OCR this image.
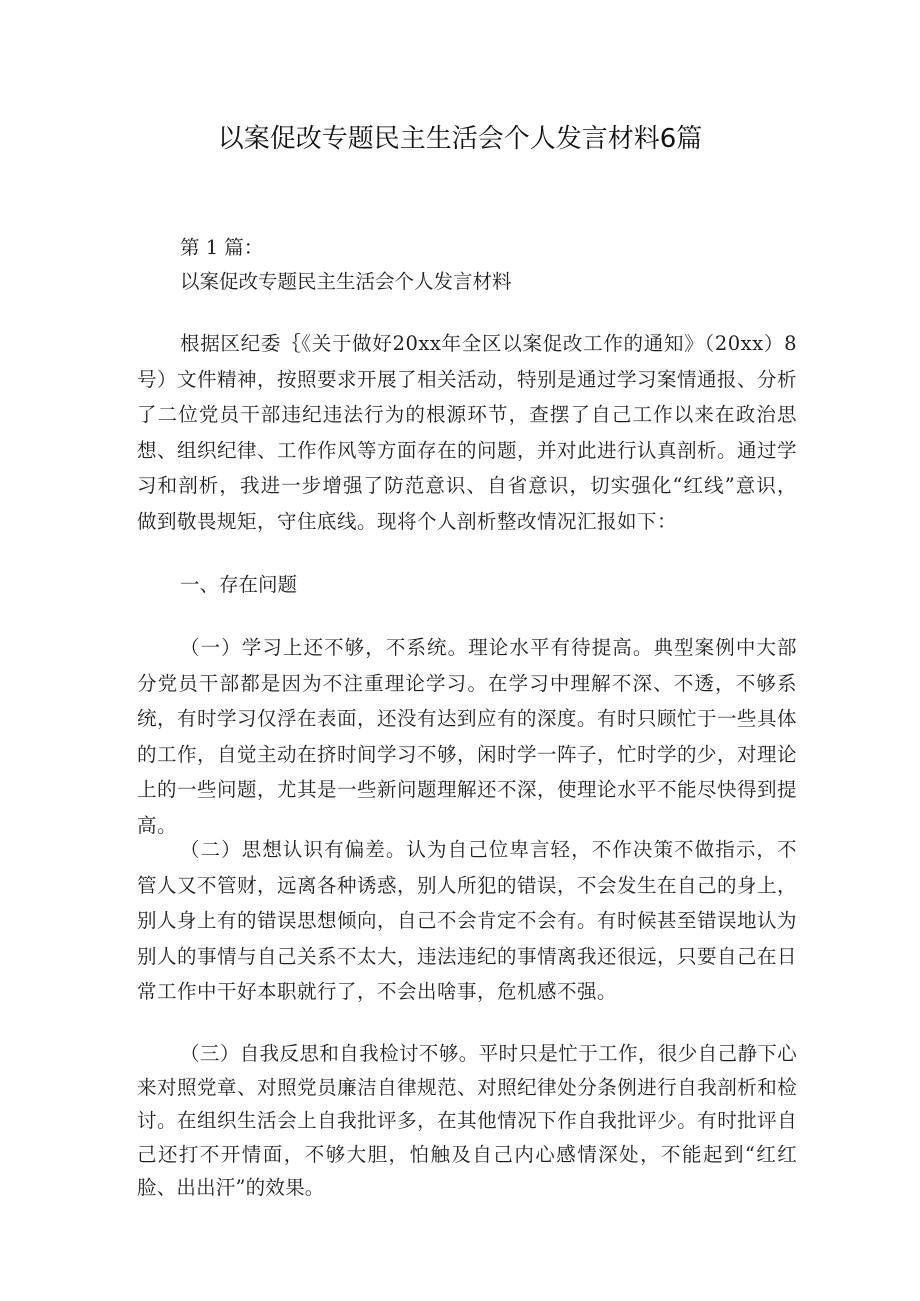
以案促改专题民主生活会个人发言材料6篇

第 1 篇：

以案促改专题民主生活会个人发言材料

根据区纪委｛《关于做好20xx年全区以案促改工作的通知》（20xx）8号）文件精神，按照要求开展了相关活动，特别是通过学习案情通报、分析了二位党员干部违纪违法行为的根源环节，查摆了自己工作以来在政治思想、组织纪律、工作作风等方面存在的问题，并对此进行认真剖析。通过学习和剖析，我进一步增强了防范意识、自省意识，切实强化“红线”意识，做到敬畏规矩，守住底线。现将个人剖析整改情况汇报如下：

一、存在问题

（一）学习上还不够，不系统。理论水平有待提高。典型案例中大部分党员干部都是因为不注重理论学习。在学习中理解不深、不透，不够系统，有时学习仅浮在表面，还没有达到应有的深度。有时只顾忙于一些具体的工作，自觉主动在挤时间学习不够，闲时学一阵子，忙时学的少，对理论上的一些问题，尤其是一些新问题理解还不深，使理论水平不能尽快得到提高。

（二）思想认识有偏差。认为自己位卑言轻，不作决策不做指示，不管人又不管财，远离各种诱惑，别人所犯的错误，不会发生在自己的身上，别人身上有的错误思想倾向，自己不会肯定不会有。有时候甚至错误地认为别人的事情与自己关系不太大，违法违纪的事情离我还很远，只要自己在日常工作中干好本职就行了，不会出啥事，危机感不强。

（三）自我反思和自我检讨不够。平时只是忙于工作，很少自己静下心来对照党章、对照党员廉洁自律规范、对照纪律处分条例进行自我剖析和检讨。在组织生活会上自我批评多，在其他情况下作自我批评少。有时批评自己还打不开情面，不够大胆，怕触及自己内心感情深处，不能起到“红红脸、出出汗”的效果。
